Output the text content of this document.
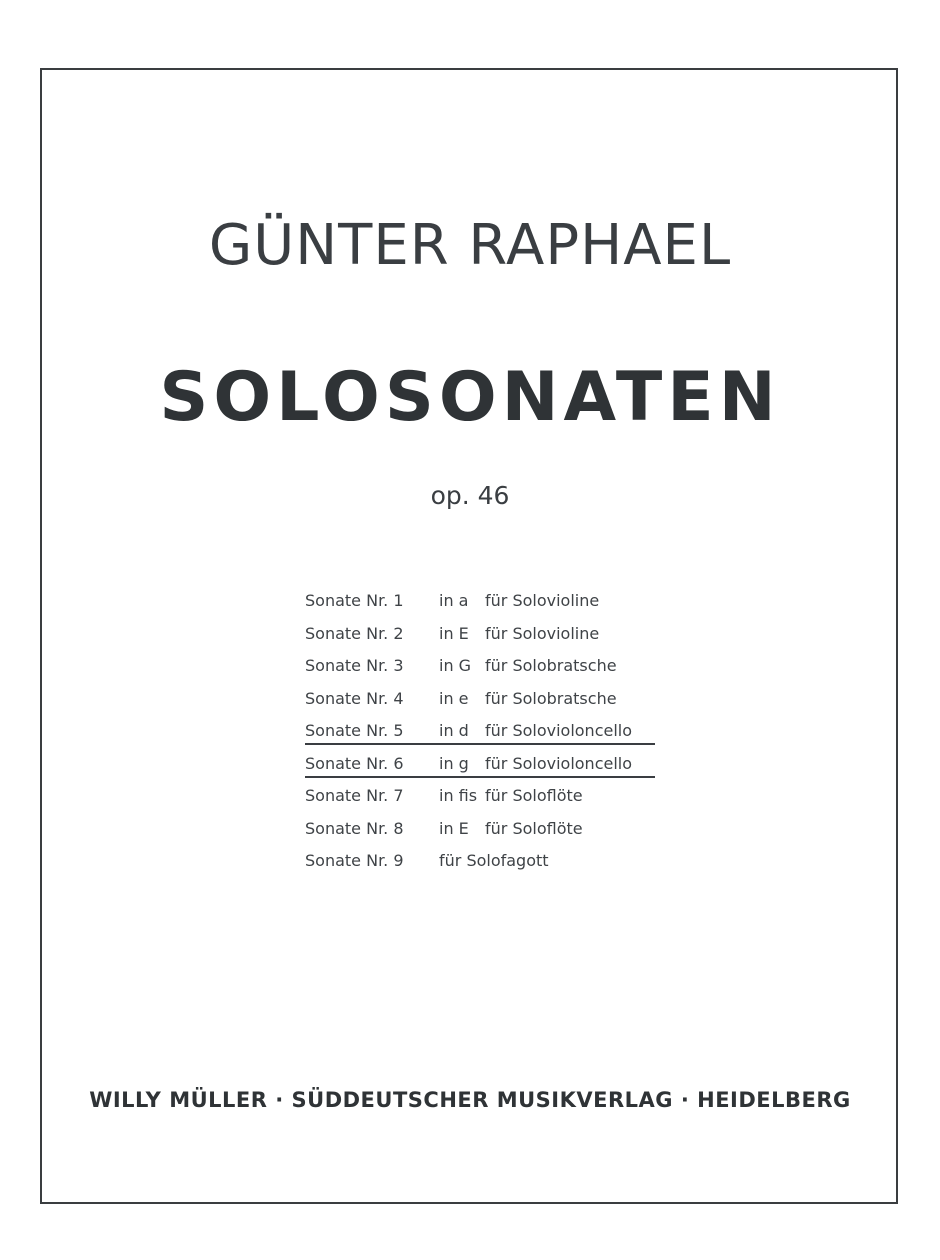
GÜNTER RAPHAEL
SOLOSONATEN
op. 46
Sonate Nr. 1 in a für Solovioline
Sonate Nr. 2 in E für Solovioline
Sonate Nr. 3 in G für Solobratsche
Sonate Nr. 4 in e für Solobratsche
Sonate Nr. 5 in d für Soloviolοncello
Sonate Nr. 6 in g für Solovioloncello
Sonate Nr. 7 in fis für Soloflöte
Sonate Nr. 8 in E für Soloflöte
Sonate Nr. 9 für Solofagott
WILLY MÜLLER · SÜDDEUTSCHER MUSIKVERLAG · HEIDELBERG
